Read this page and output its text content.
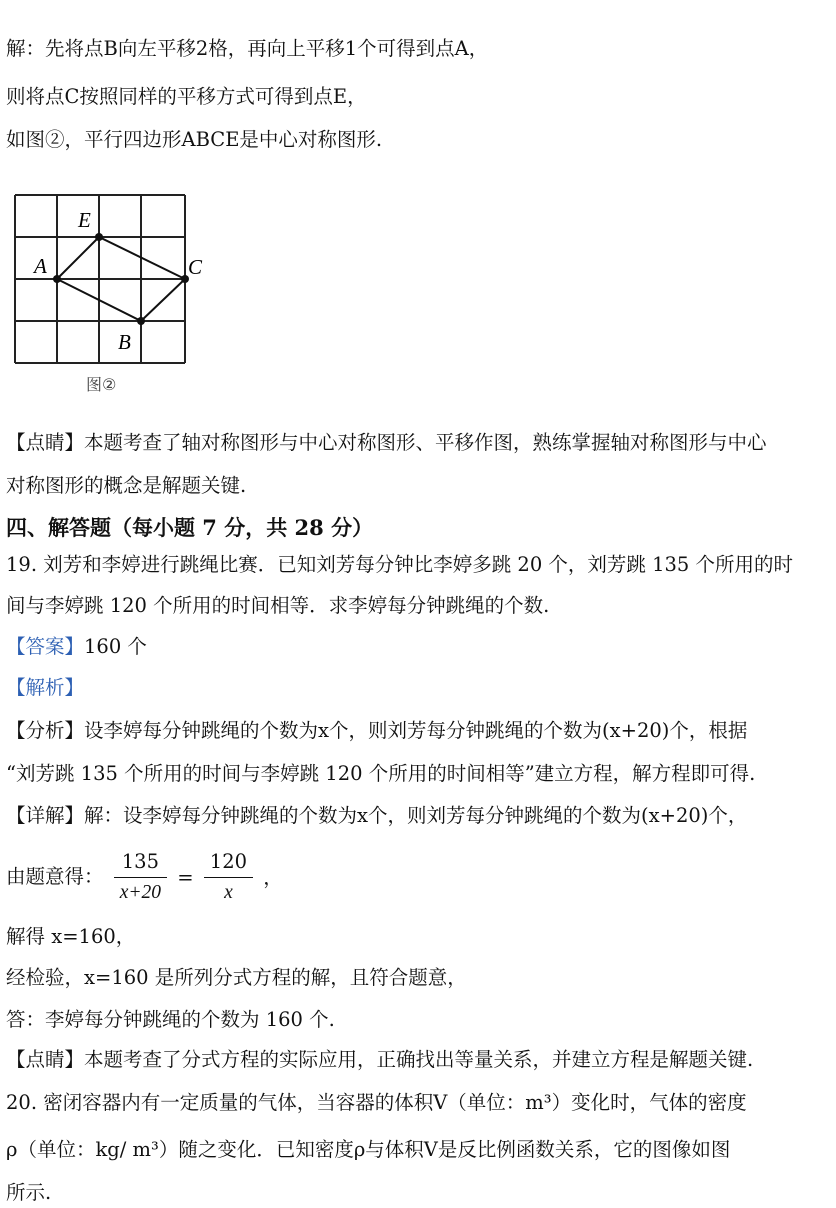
解：先将点B向左平移2格，再向上平移1个可得到点A，
则将点C按照同样的平移方式可得到点E，
如图②，平行四边形ABCE是中心对称图形.
E
A	C
B
图②
【点睛】本题考查了轴对称图形与中心对称图形、平移作图，熟练掌握轴对称图形与中心
对称图形的概念是解题关键.
四、解答题（每小题 7 分，共 28 分）
19. 刘芳和李婷进行跳绳比赛．已知刘芳每分钟比李婷多跳 20 个，刘芳跳 135 个所用的时
间与李婷跳 120 个所用的时间相等．求李婷每分钟跳绳的个数.
【答案】160 个
【解析】
【分析】设李婷每分钟跳绳的个数为x个，则刘芳每分钟跳绳的个数为(x+20)个，根据
“刘芳跳 135 个所用的时间与李婷跳 120 个所用的时间相等”建立方程，解方程即可得.
【详解】解：设李婷每分钟跳绳的个数为x个，则刘芳每分钟跳绳的个数为(x+20)个，
由题意得： $\frac{135}{x+20} = \frac{120}{x}$ ，
解得 x=160，
经检验，x=160 是所列分式方程的解，且符合题意，
答：李婷每分钟跳绳的个数为 160 个.
【点睛】本题考查了分式方程的实际应用，正确找出等量关系，并建立方程是解题关键.
20. 密闭容器内有一定质量的气体，当容器的体积V（单位：m³）变化时，气体的密度
ρ（单位：kg/ m³）随之变化．已知密度ρ与体积V是反比例函数关系，它的图像如图
所示.
